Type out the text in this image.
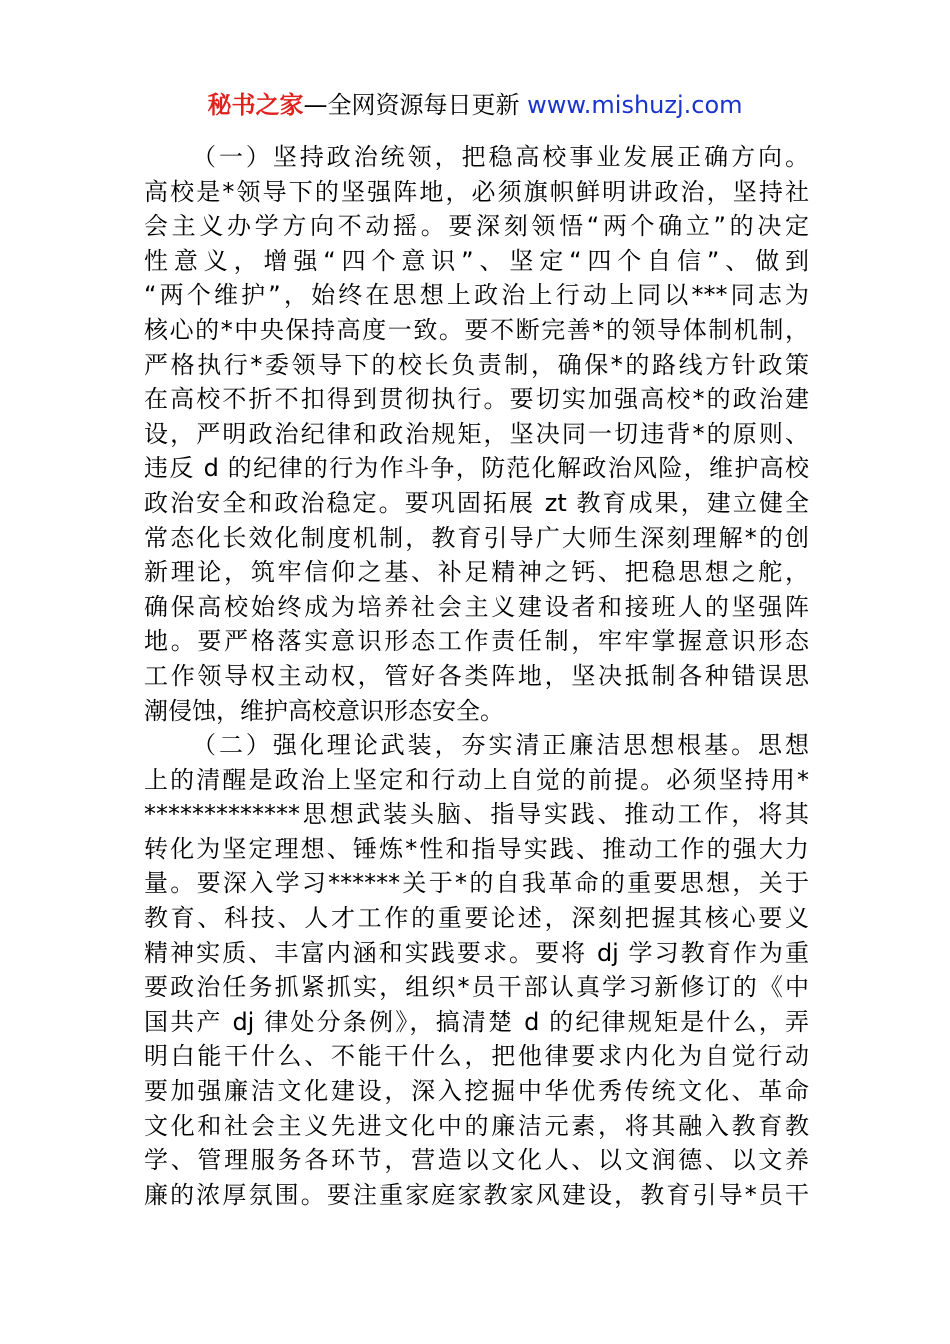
秘书之家—全网资源每日更新 www.mishuzj.com
（一）坚持政治统领，把稳高校事业发展正确方向。
高校是*领导下的坚强阵地，必须旗帜鲜明讲政治，坚持社
会主义办学方向不动摇。要深刻领悟“两个确立”的决定
性意义，增强“四个意识”、坚定“四个自信”、做到
“两个维护”，始终在思想上政治上行动上同以***同志为
核心的*中央保持高度一致。要不断完善*的领导体制机制，
严格执行*委领导下的校长负责制，确保*的路线方针政策
在高校不折不扣得到贯彻执行。要切实加强高校*的政治建
设，严明政治纪律和政治规矩，坚决同一切违背*的原则、
违反 d 的纪律的行为作斗争，防范化解政治风险，维护高校
政治安全和政治稳定。要巩固拓展 zt 教育成果，建立健全
常态化长效化制度机制，教育引导广大师生深刻理解*的创
新理论，筑牢信仰之基、补足精神之钙、把稳思想之舵，
确保高校始终成为培养社会主义建设者和接班人的坚强阵
地。要严格落实意识形态工作责任制，牢牢掌握意识形态
工作领导权主动权，管好各类阵地，坚决抵制各种错误思
潮侵蚀，维护高校意识形态安全。
（二）强化理论武装，夯实清正廉洁思想根基。思想
上的清醒是政治上坚定和行动上自觉的前提。必须坚持用*
*************思想武装头脑、指导实践、推动工作，将其
转化为坚定理想、锤炼*性和指导实践、推动工作的强大力
量。要深入学习******关于*的自我革命的重要思想，关于
教育、科技、人才工作的重要论述，深刻把握其核心要义
精神实质、丰富内涵和实践要求。要将 dj 学习教育作为重
要政治任务抓紧抓实，组织*员干部认真学习新修订的《中
国共产 dj 律处分条例》，搞清楚 d 的纪律规矩是什么，弄
明白能干什么、不能干什么，把他律要求内化为自觉行动
要加强廉洁文化建设，深入挖掘中华优秀传统文化、革命
文化和社会主义先进文化中的廉洁元素，将其融入教育教
学、管理服务各环节，营造以文化人、以文润德、以文养
廉的浓厚氛围。要注重家庭家教家风建设，教育引导*员干
